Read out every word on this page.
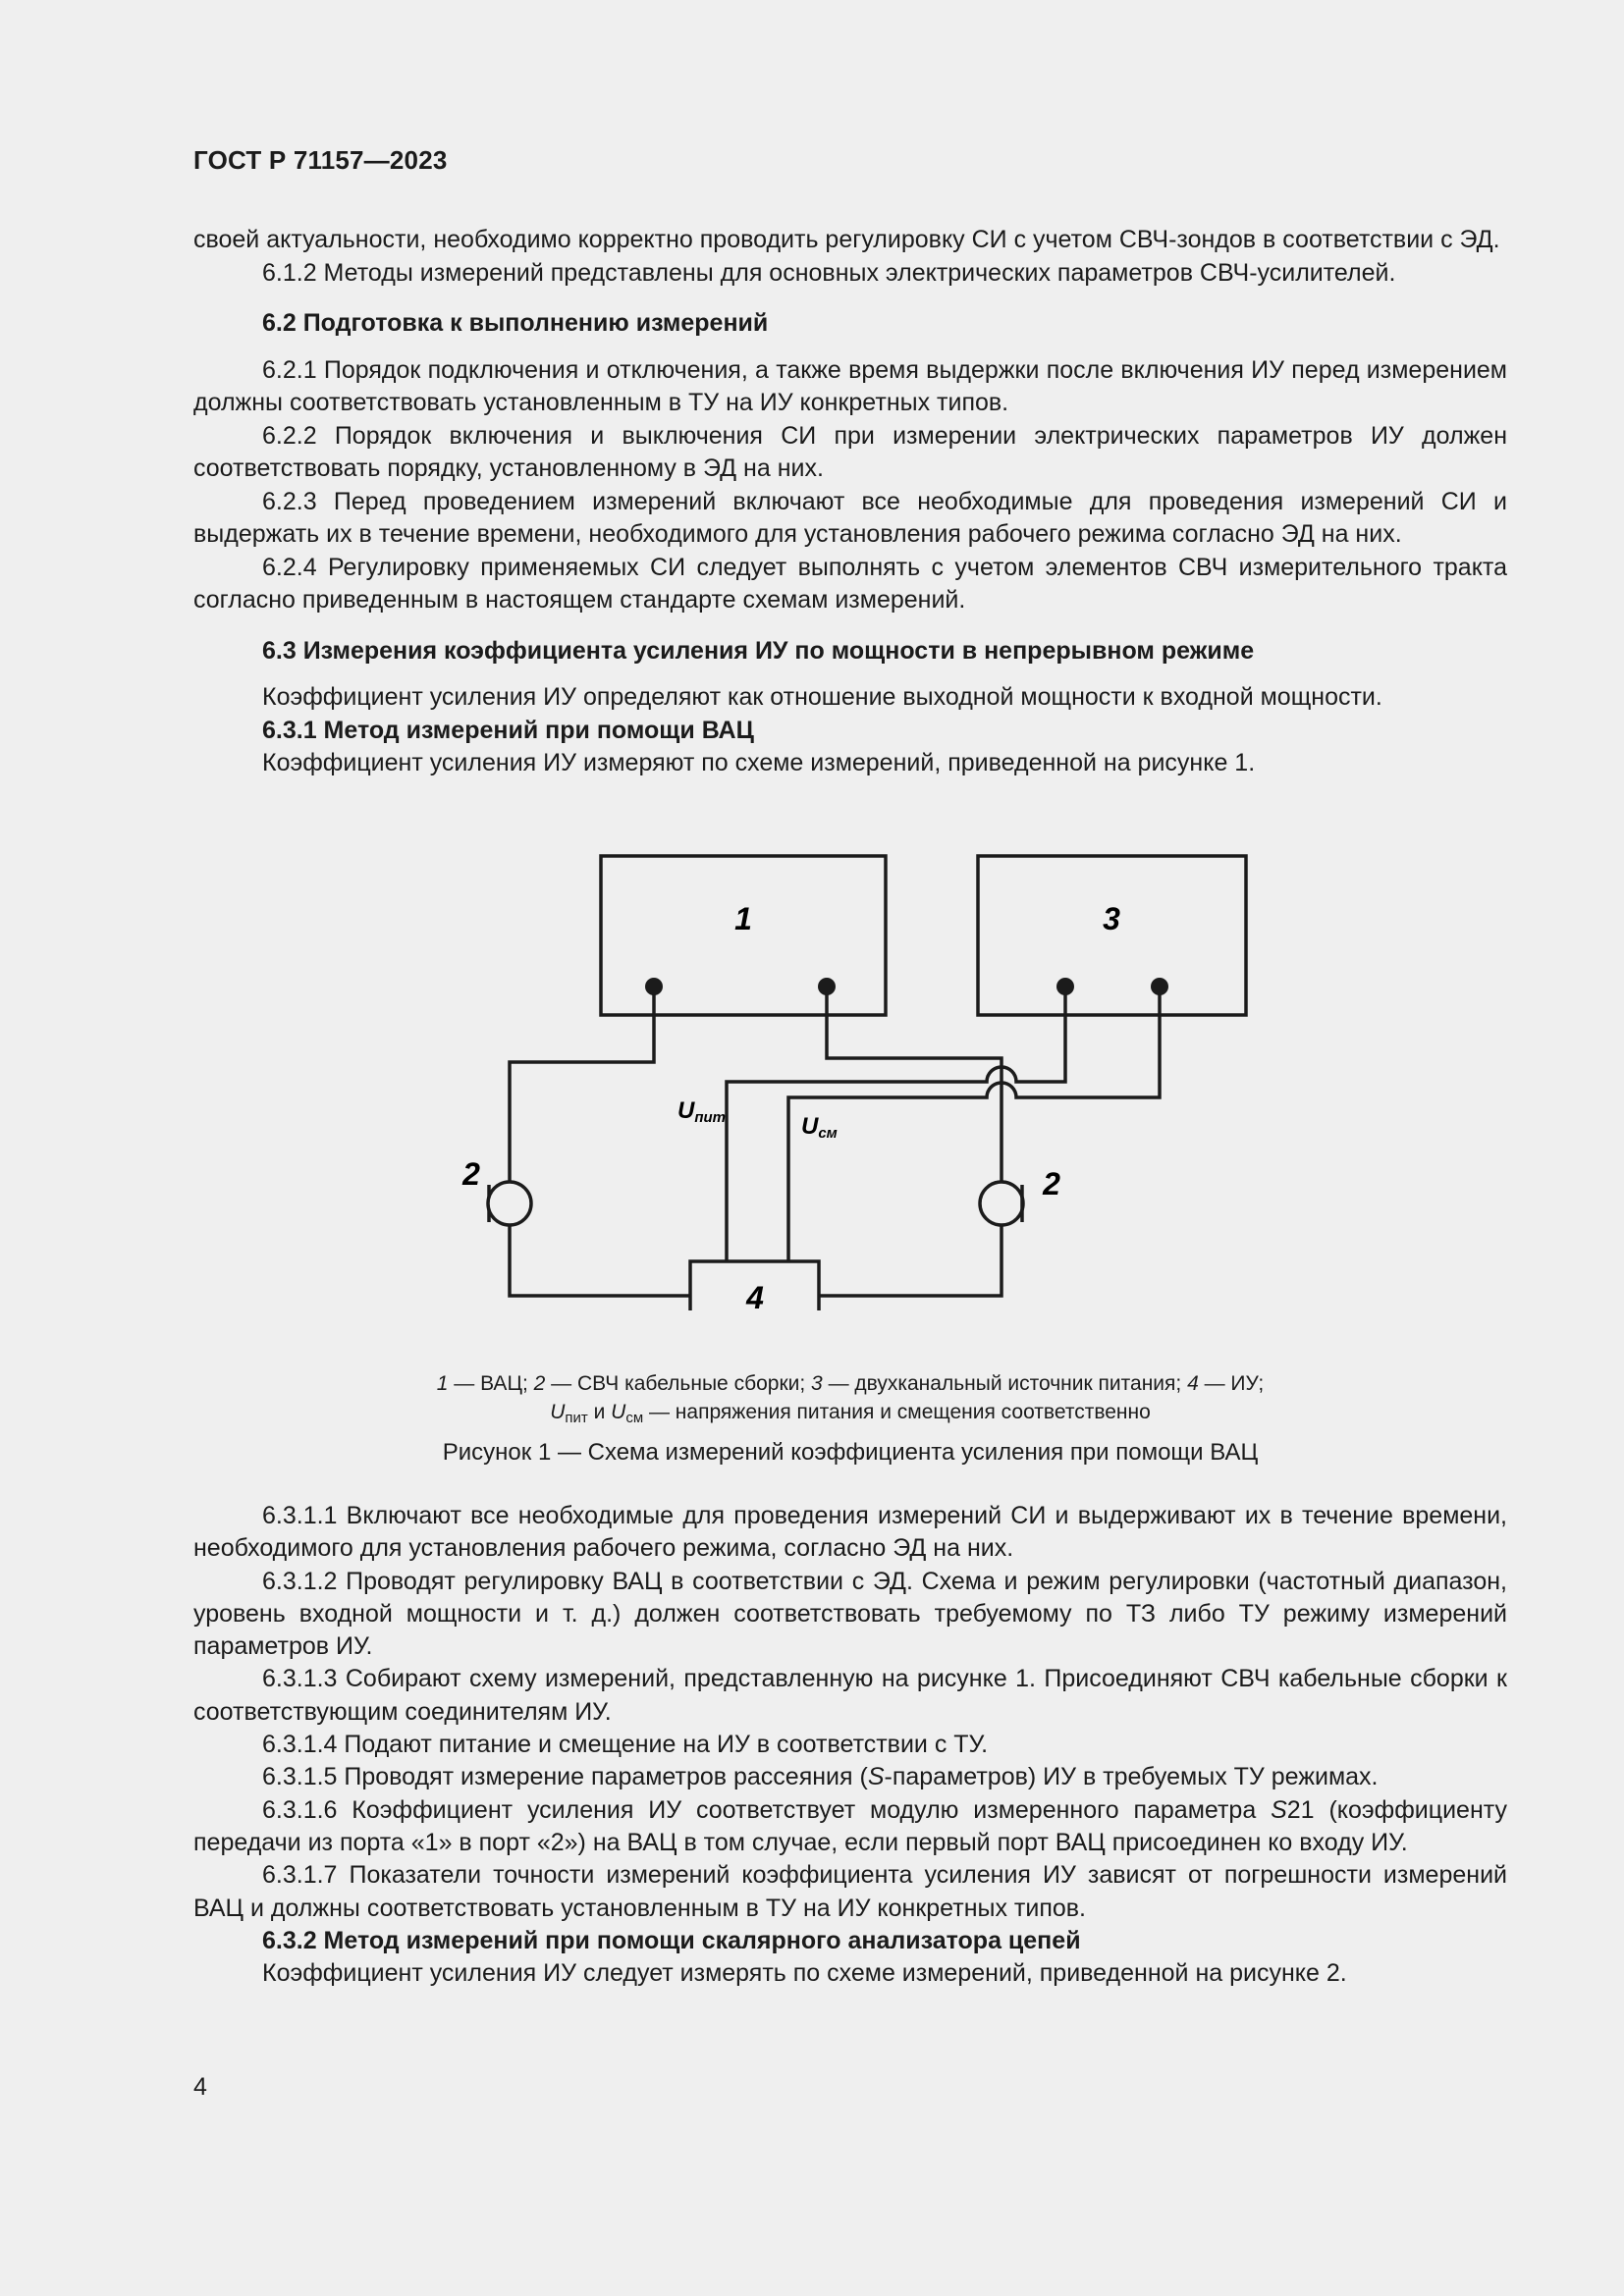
ГОСТ Р 71157—2023

своей актуальности, необходимо корректно проводить регулировку СИ с учетом СВЧ-зондов в соответствии с ЭД.

6.1.2 Методы измерений представлены для основных электрических параметров СВЧ-усилителей.

6.2 Подготовка к выполнению измерений

6.2.1 Порядок подключения и отключения, а также время выдержки после включения ИУ перед измерением должны соответствовать установленным в ТУ на ИУ конкретных типов.

6.2.2 Порядок включения и выключения СИ при измерении электрических параметров ИУ должен соответствовать порядку, установленному в ЭД на них.

6.2.3 Перед проведением измерений включают все необходимые для проведения измерений СИ и выдержать их в течение времени, необходимого для установления рабочего режима согласно ЭД на них.

6.2.4 Регулировку применяемых СИ следует выполнять с учетом элементов СВЧ измерительного тракта согласно приведенным в настоящем стандарте схемам измерений.

6.3 Измерения коэффициента усиления ИУ по мощности в непрерывном режиме

Коэффициент усиления ИУ определяют как отношение выходной мощности к входной мощности.

6.3.1 Метод измерений при помощи ВАЦ

Коэффициент усиления ИУ измеряют по схеме измерений, приведенной на рисунке 1.

1	3
4
2	2
Uпит	Uсм
1 — ВАЦ; 2 — СВЧ кабельные сборки; 3 — двухканальный источник питания; 4 — ИУ;
$U_{пит}$ и $U_{см}$ — напряжения питания и смещения соответственно
Рисунок 1 — Схема измерений коэффициента усиления при помощи ВАЦ

6.3.1.1 Включают все необходимые для проведения измерений СИ и выдерживают их в течение времени, необходимого для установления рабочего режима, согласно ЭД на них.

6.3.1.2 Проводят регулировку ВАЦ в соответствии с ЭД. Схема и режим регулировки (частотный диапазон, уровень входной мощности и т. д.) должен соответствовать требуемому по ТЗ либо ТУ режиму измерений параметров ИУ.

6.3.1.3 Собирают схему измерений, представленную на рисунке 1. Присоединяют СВЧ кабельные сборки к соответствующим соединителям ИУ.

6.3.1.4 Подают питание и смещение на ИУ в соответствии с ТУ.

6.3.1.5 Проводят измерение параметров рассеяния (S-параметров) ИУ в требуемых ТУ режимах.

6.3.1.6 Коэффициент усиления ИУ соответствует модулю измеренного параметра S21 (коэффициенту передачи из порта «1» в порт «2») на ВАЦ в том случае, если первый порт ВАЦ присоединен ко входу ИУ.

6.3.1.7 Показатели точности измерений коэффициента усиления ИУ зависят от погрешности измерений ВАЦ и должны соответствовать установленным в ТУ на ИУ конкретных типов.

6.3.2 Метод измерений при помощи скалярного анализатора цепей

Коэффициент усиления ИУ следует измерять по схеме измерений, приведенной на рисунке 2.

4
